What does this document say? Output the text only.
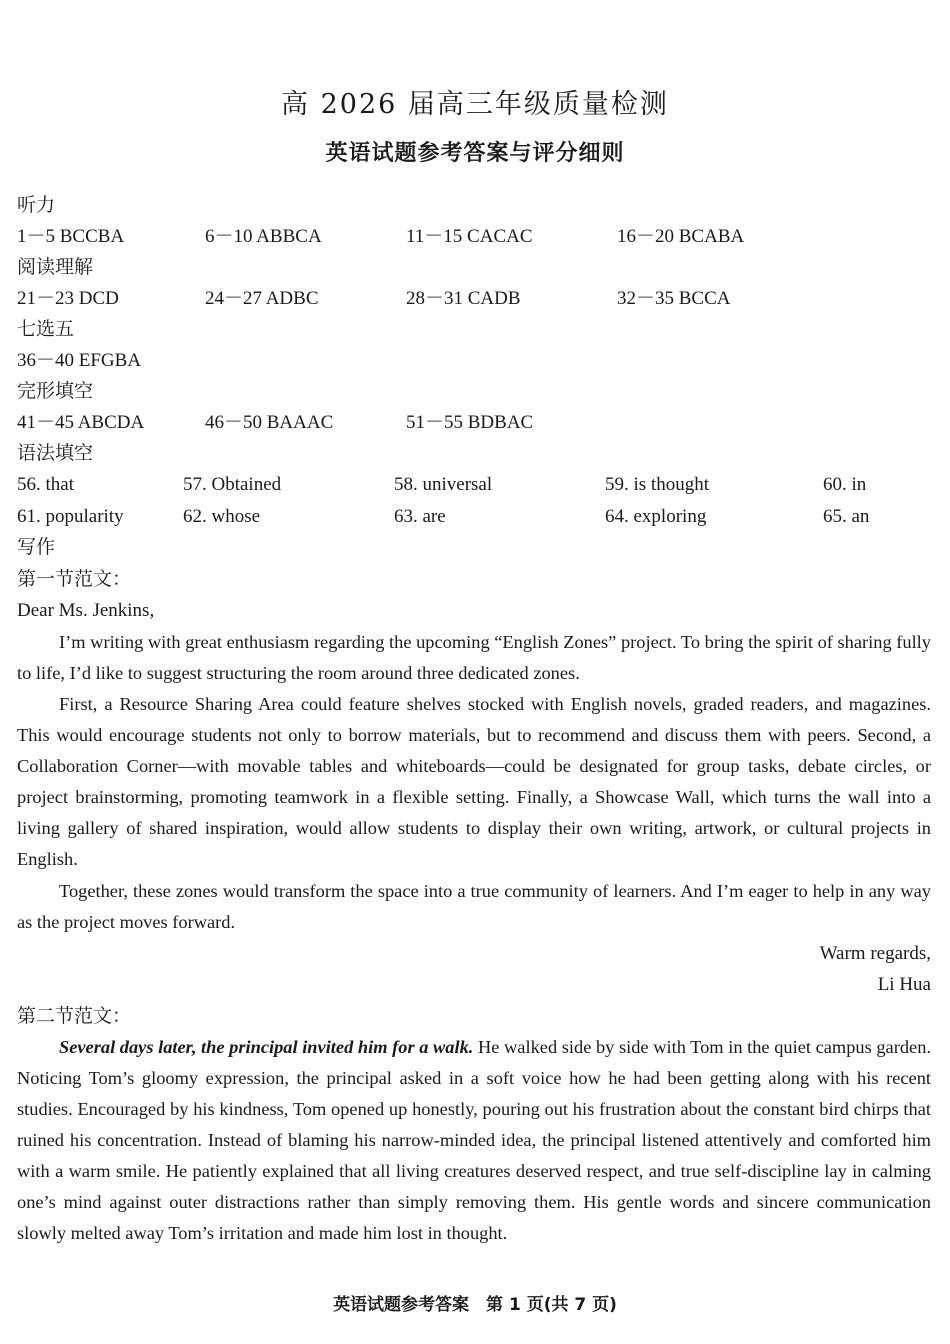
高 2026 届高三年级质量检测
英语试题参考答案与评分细则
听力
1－5 BCCBA	6－10 ABBCA	11－15 CACAC	16－20 BCABA
阅读理解
21－23 DCD	24－27 ADBC	28－31 CADB	32－35 BCCA
七选五
36－40 EFGBA
完形填空
41－45 ABCDA	46－50 BAAAC	51－55 BDBAC
语法填空
56. that	57. Obtained	58. universal	59. is thought	60. in
61. popularity	62. whose	63. are	64. exploring	65. an
写作
第一节范文：
Dear Ms. Jenkins,
I’m writing with great enthusiasm regarding the upcoming “English Zones” project. To bring the spirit of sharing fully to life, I’d like to suggest structuring the room around three dedicated zones.
First, a Resource Sharing Area could feature shelves stocked with English novels, graded readers, and magazines. This would encourage students not only to borrow materials, but to recommend and discuss them with peers. Second, a Collaboration Corner—with movable tables and whiteboards—could be designated for group tasks, debate circles, or project brainstorming, promoting teamwork in a flexible setting. Finally, a Showcase Wall, which turns the wall into a living gallery of shared inspiration, would allow students to display their own writing, artwork, or cultural projects in English.
Together, these zones would transform the space into a true community of learners. And I’m eager to help in any way as the project moves forward.
Warm regards,
Li Hua
第二节范文：
Several days later, the principal invited him for a walk. He walked side by side with Tom in the quiet campus garden. Noticing Tom’s gloomy expression, the principal asked in a soft voice how he had been getting along with his recent studies. Encouraged by his kindness, Tom opened up honestly, pouring out his frustration about the constant bird chirps that ruined his concentration. Instead of blaming his narrow-minded idea, the principal listened attentively and comforted him with a warm smile. He patiently explained that all living creatures deserved respect, and true self-discipline lay in calming one’s mind against outer distractions rather than simply removing them. His gentle words and sincere communication slowly melted away Tom’s irritation and made him lost in thought.
英语试题参考答案　第 1 页(共 7 页)
